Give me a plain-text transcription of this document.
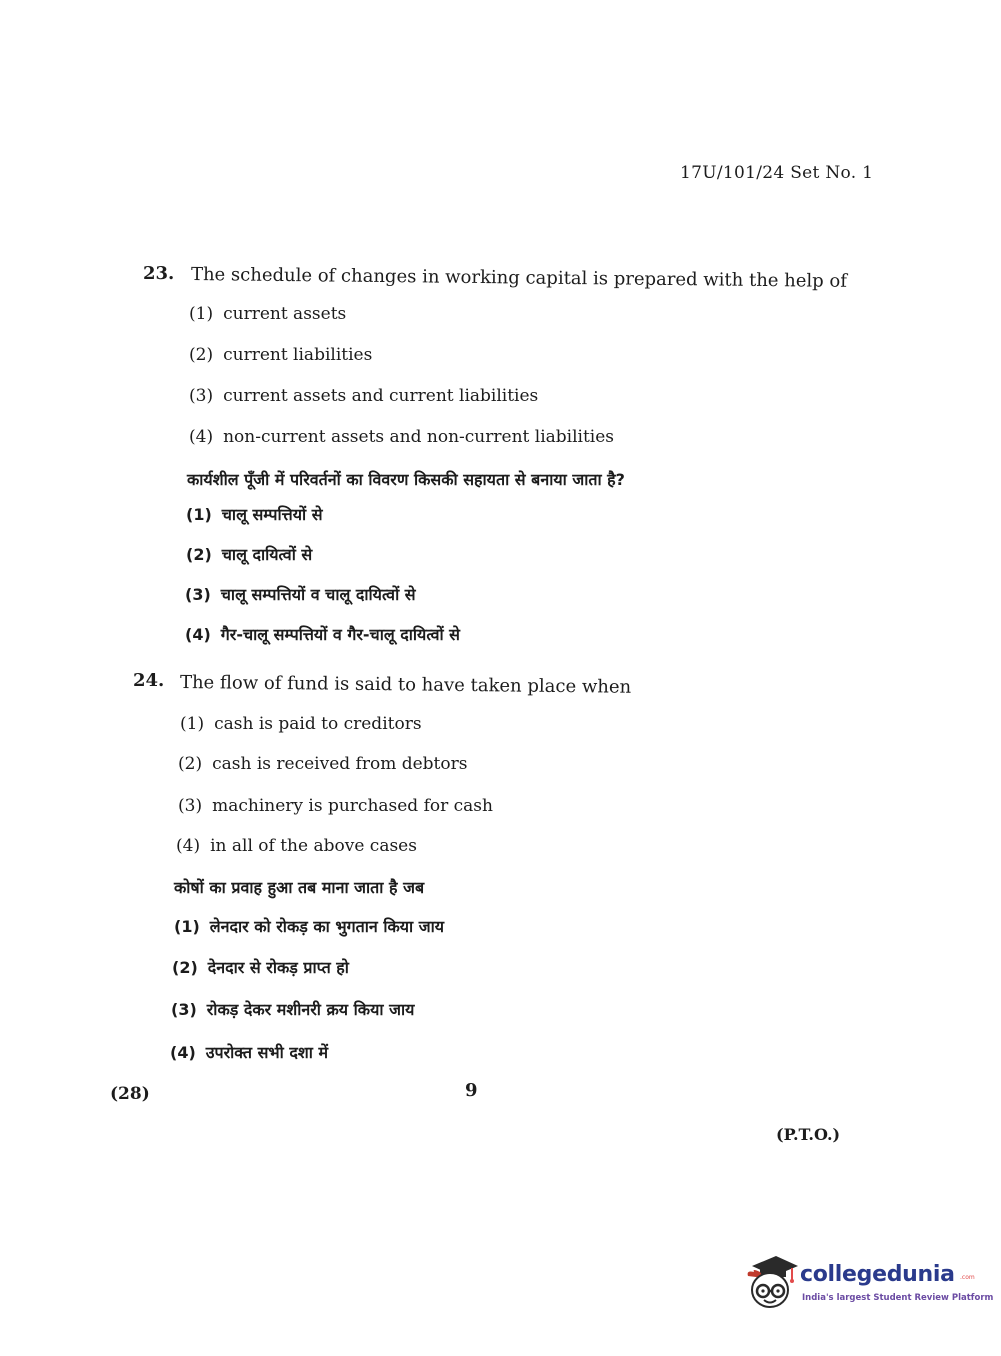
17U/101/24 Set No. 1
23. The schedule of changes in working capital is prepared with the help of
(1) current assets
(2) current liabilities
(3) current assets and current liabilities
(4) non-current assets and non-current liabilities
कार्यशील पूँजी में परिवर्तनों का विवरण किसकी सहायता से बनाया जाता है?
(1) चालू सम्पत्तियों से
(2) चालू दायित्वों से
(3) चालू सम्पत्तियों व चालू दायित्वों से
(4) गैर-चालू सम्पत्तियों व गैर-चालू दायित्वों से
24. The flow of fund is said to have taken place when
(1) cash is paid to creditors
(2) cash is received from debtors
(3) machinery is purchased for cash
(4) in all of the above cases
कोषों का प्रवाह हुआ तब माना जाता है जब
(1) लेनदार को रोकड़ का भुगतान किया जाय
(2) देनदार से रोकड़ प्राप्त हो
(3) रोकड़ देकर मशीनरी क्रय किया जाय
(4) उपरोक्त सभी दशा में
(28)	9
(P.T.O.)
collegedunia .com
India's largest Student Review Platform
